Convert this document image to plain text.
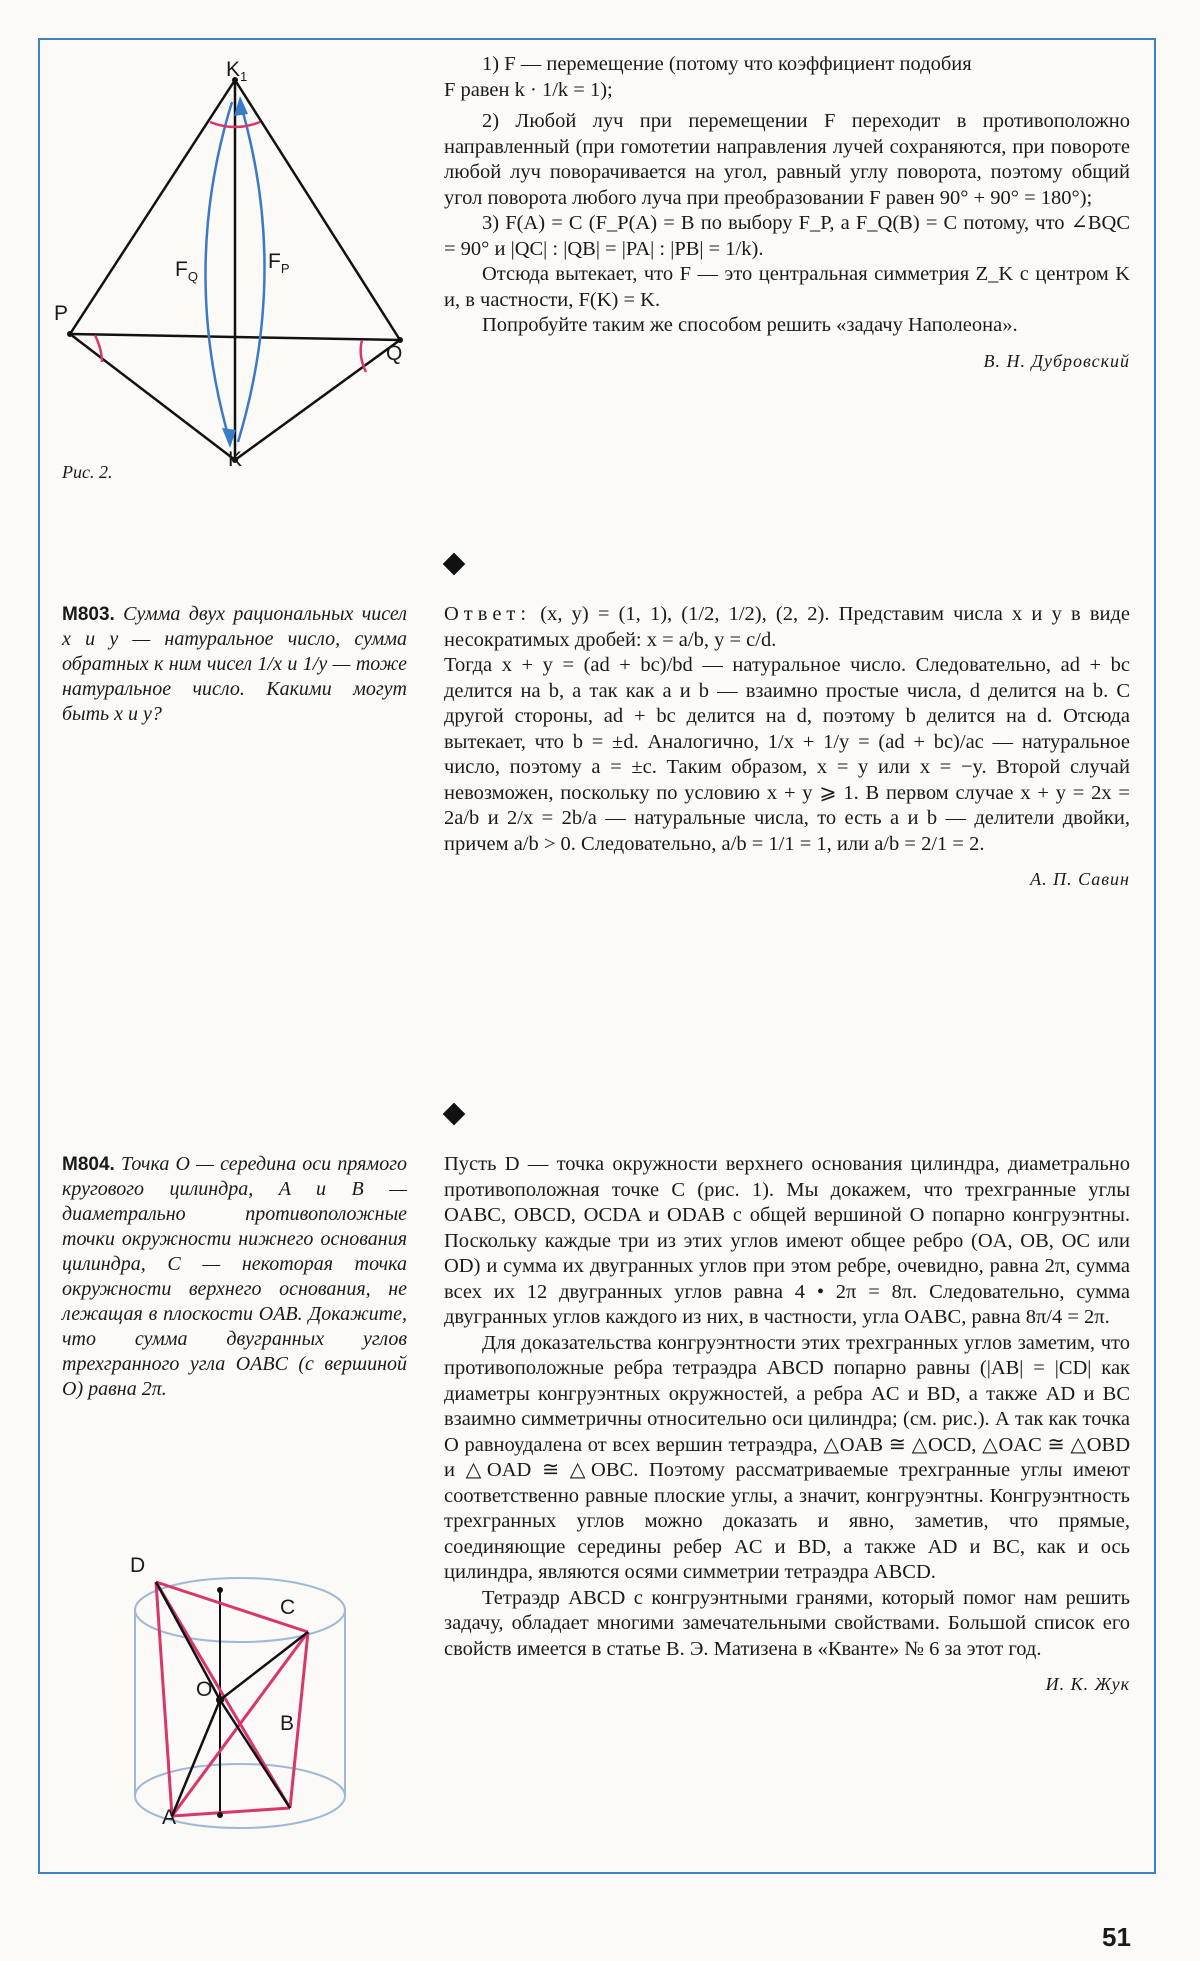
$K_1$
P
Q
K
$F_Q$
$F_P$
Рис. 2.

1) F — перемещение (потому что коэффициент подобия

F равен k · 1/k = 1);

2) Любой луч при перемещении F переходит в противоположно направленный (при гомотетии направления лучей сохраняются, при повороте любой луч поворачивается на угол, равный углу поворота, поэтому общий угол поворота любого луча при преобразовании F равен 90° + 90° = 180°);

3) F(A) = C (F_P(A) = B по выбору F_P, а F_Q(B) = C потому, что ∠BQC = 90° и |QC| : |QB| = |PA| : |PB| = 1/k).

Отсюда вытекает, что F — это центральная симметрия Z_K с центром K и, в частности, F(K) = K.

Попробуйте таким же способом решить «задачу Наполеона».

В. Н. Дубровский
M803. Сумма двух рациональных чисел x и y — натуральное число, сумма обратных к ним чисел 1/x и 1/y — тоже натуральное число. Какими могут быть x и y?

Ответ: (x, y) = (1, 1), (1/2, 1/2), (2, 2). Представим числа x и y в виде несократимых дробей: x = a/b, y = c/d.

Тогда x + y = (ad + bc)/bd — натуральное число. Следовательно, ad + bc делится на b, а так как a и b — взаимно простые числа, d делится на b. С другой стороны, ad + bc делится на d, поэтому b делится на d. Отсюда вытекает, что b = ±d. Аналогично, 1/x + 1/y = (ad + bc)/ac — натуральное число, поэтому a = ±c. Таким образом, x = y или x = −y. Второй случай невозможен, поскольку по условию x + y ⩾ 1. В первом случае x + y = 2x = 2a/b и 2/x = 2b/a — натуральные числа, то есть a и b — делители двойки, причем a/b > 0. Следовательно, a/b = 1/1 = 1, или a/b = 2/1 = 2.

А. П. Савин
M804. Точка O — середина оси прямого кругового цилиндра, A и B — диаметрально противоположные точки окружности нижнего основания цилиндра, C — некоторая точка окружности верхнего основания, не лежащая в плоскости OAB. Докажите, что сумма двугранных углов трехгранного угла OABC (с вершиной O) равна 2π.

Пусть D — точка окружности верхнего основания цилиндра, диаметрально противоположная точке C (рис. 1). Мы докажем, что трехгранные углы OABC, OBCD, OCDA и ODAB с общей вершиной O попарно конгруэнтны. Поскольку каждые три из этих углов имеют общее ребро (OA, OB, OC или OD) и сумма их двугранных углов при этом ребре, очевидно, равна 2π, сумма всех их 12 двугранных углов равна 4 • 2π = 8π. Следовательно, сумма двугранных углов каждого из них, в частности, угла OABC, равна 8π/4 = 2π.

Для доказательства конгруэнтности этих трехгранных углов заметим, что противоположные ребра тетраэдра ABCD попарно равны (|AB| = |CD| как диаметры конгруэнтных окружностей, а ребра AC и BD, а также AD и BC взаимно симметричны относительно оси цилиндра; (см. рис.). А так как точка O равноудалена от всех вершин тетраэдра, △OAB ≅ △OCD, △OAC ≅ △OBD и △OAD ≅ △OBC. Поэтому рассматриваемые трехгранные углы имеют соответственно равные плоские углы, а значит, конгруэнтны. Конгруэнтность трехгранных углов можно доказать и явно, заметив, что прямые, соединяющие середины ребер AC и BD, а также AD и BC, как и ось цилиндра, являются осями симметрии тетраэдра ABCD.

Тетраэдр ABCD с конгруэнтными гранями, который помог нам решить задачу, обладает многими замечательными свойствами. Большой список его свойств имеется в статье В. Э. Матизена в «Кванте» № 6 за этот год.

И. К. Жук
D
C
O
B
A
51
